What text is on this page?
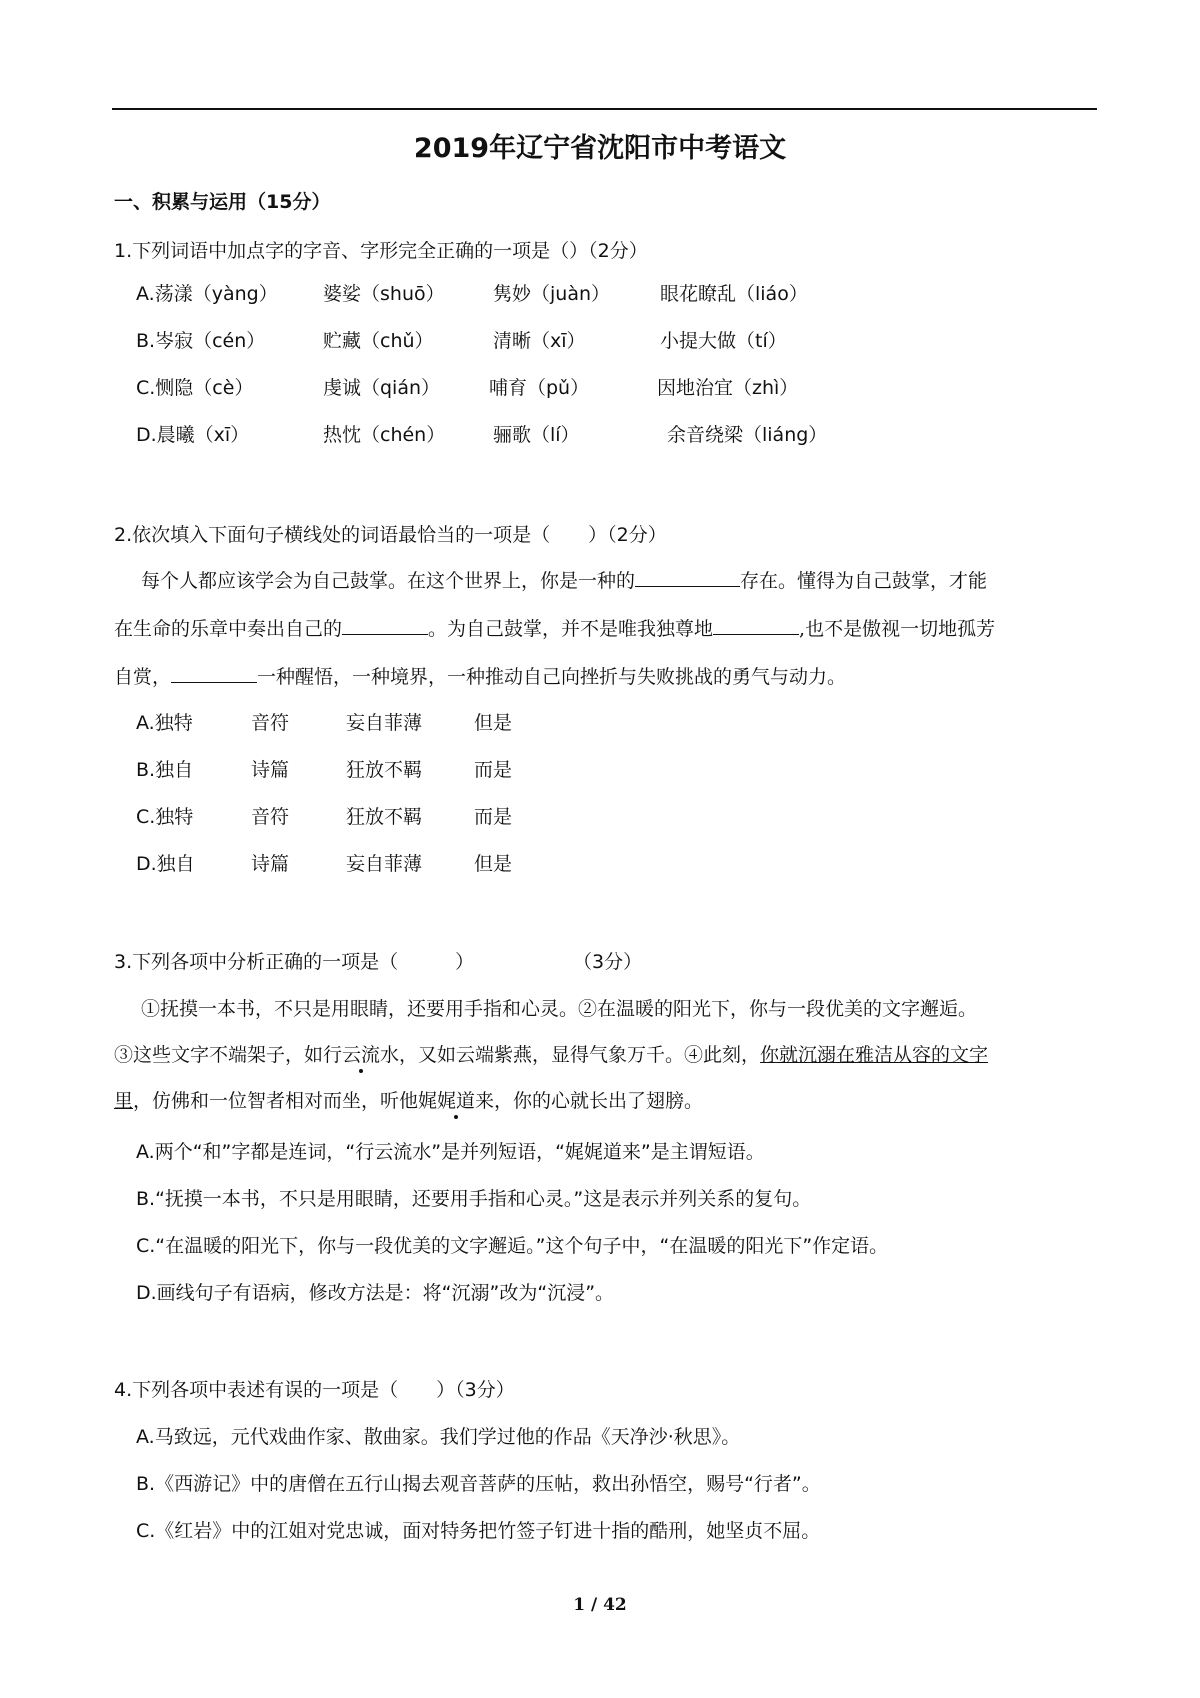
2019年辽宁省沈阳市中考语文
一、积累与运用（15分）
1.下列词语中加点字的字音、字形完全正确的一项是（）（2分）
A.荡漾（yàng） 婆娑（shuō）	隽妙（juàn）	眼花瞭乱（liáo）
B.岑寂（cén）	贮藏（chǔ）	清晰（xī）	小提大做（tí）
C.恻隐（cè）	虔诚（qián）	哺育（pǔ）	因地治宜（zhì）
D.晨曦（xī）	热忱（chén）	骊歌（lí）	余音绕梁（liáng）
2.依次填入下面句子横线处的词语最恰当的一项是（　　）（2分）
每个人都应该学会为自己鼓掌。在这个世界上，你是一种的	存在。懂得为自己鼓掌，才能
在生命的乐章中奏出自己的	。为自己鼓掌，并不是唯我独尊地	,也不是傲视一切地孤芳
自赏，	一种醒悟，一种境界，一种推动自己向挫折与失败挑战的勇气与动力。
A.独特	音符	妄自菲薄	但是
B.独自	诗篇	狂放不羁	而是
C.独特	音符	狂放不羁	而是
D.独自	诗篇	妄自菲薄	但是
3.下列各项中分析正确的一项是（　　　）	（3分）
①抚摸一本书，不只是用眼睛，还要用手指和心灵。②在温暖的阳光下，你与一段优美的文字邂逅。
③这些文字不端架子，如行云流水，又如云端紫燕，显得气象万千。④此刻，你就沉溺在雅洁从容的文字
里，仿佛和一位智者相对而坐，听他娓娓道来，你的心就长出了翅膀。
A.两个“和”字都是连词，“行云流水”是并列短语，“娓娓道来”是主谓短语。
B.“抚摸一本书，不只是用眼睛，还要用手指和心灵。”这是表示并列关系的复句。
C.“在温暖的阳光下，你与一段优美的文字邂逅。”这个句子中，“在温暖的阳光下”作定语。
D.画线句子有语病，修改方法是：将“沉溺”改为“沉浸”。
4.下列各项中表述有误的一项是（　　）（3分）
A.马致远，元代戏曲作家、散曲家。我们学过他的作品《天净沙·秋思》。
B.《西游记》中的唐僧在五行山揭去观音菩萨的压帖，救出孙悟空，赐号“行者”。
C.《红岩》中的江姐对党忠诚，面对特务把竹签子钉进十指的酷刑，她坚贞不屈。
1 / 42
